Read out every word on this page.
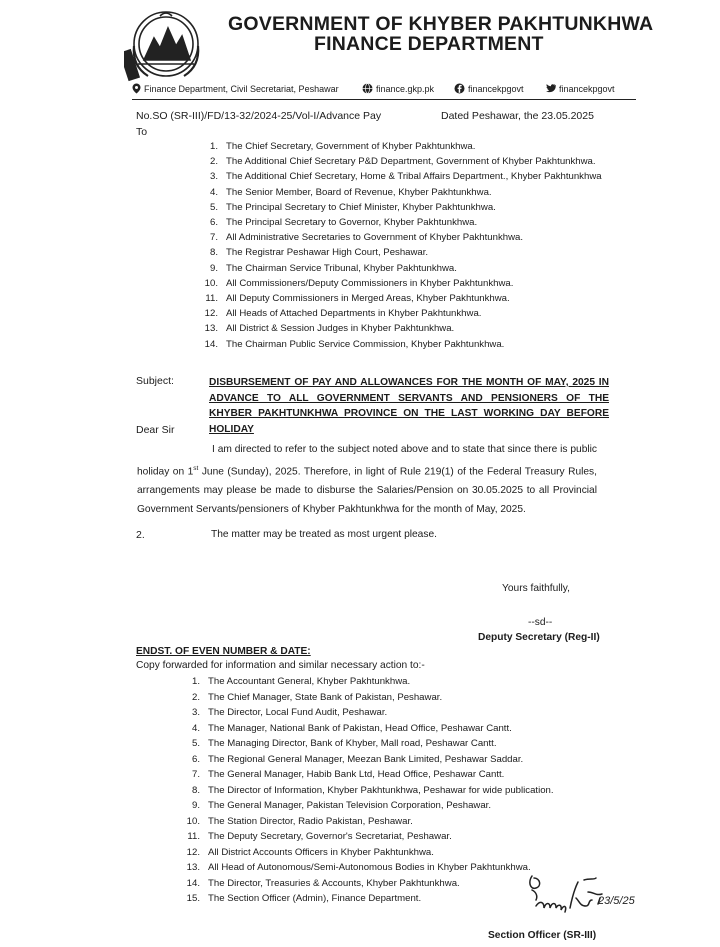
GOVERNMENT OF KHYBER PAKHTUNKHWA
FINANCE DEPARTMENT
Finance Department, Civil Secretariat, Peshawar	finance.gkp.pk	financekpgovt	financekpgovt
No.SO (SR-III)/FD/13-32/2024-25/Vol-I/Advance Pay	Dated Peshawar, the 23.05.2025
To
1. The Chief Secretary, Government of Khyber Pakhtunkhwa.
2. The Additional Chief Secretary P&D Department, Government of Khyber Pakhtunkhwa.
3. The Additional Chief Secretary, Home & Tribal Affairs Department., Khyber Pakhtunkhwa
4. The Senior Member, Board of Revenue, Khyber Pakhtunkhwa.
5. The Principal Secretary to Chief Minister, Khyber Pakhtunkhwa.
6. The Principal Secretary to Governor, Khyber Pakhtunkhwa.
7. All Administrative Secretaries to Government of Khyber Pakhtunkhwa.
8. The Registrar Peshawar High Court, Peshawar.
9. The Chairman Service Tribunal, Khyber Pakhtunkhwa.
10. All Commissioners/Deputy Commissioners in Khyber Pakhtunkhwa.
11. All Deputy Commissioners in Merged Areas, Khyber Pakhtunkhwa.
12. All Heads of Attached Departments in Khyber Pakhtunkhwa.
13. All District & Session Judges in Khyber Pakhtunkhwa.
14. The Chairman Public Service Commission, Khyber Pakhtunkhwa.
Subject:	DISBURSEMENT OF PAY AND ALLOWANCES FOR THE MONTH OF MAY, 2025 IN ADVANCE TO ALL GOVERNMENT SERVANTS AND PENSIONERS OF THE KHYBER PAKHTUNKHWA PROVINCE ON THE LAST WORKING DAY BEFORE HOLIDAY
Dear Sir
I am directed to refer to the subject noted above and to state that since there is public holiday on 1st June (Sunday), 2025. Therefore, in light of Rule 219(1) of the Federal Treasury Rules, arrangements may please be made to disburse the Salaries/Pension on 30.05.2025 to all Provincial Government Servants/pensioners of Khyber Pakhtunkhwa for the month of May, 2025.
2.	The matter may be treated as most urgent please.
Yours faithfully,
--sd--
Deputy Secretary (Reg-II)
ENDST. OF EVEN NUMBER & DATE:
Copy forwarded for information and similar necessary action to:-
1. The Accountant General, Khyber Pakhtunkhwa.
2. The Chief Manager, State Bank of Pakistan, Peshawar.
3. The Director, Local Fund Audit, Peshawar.
4. The Manager, National Bank of Pakistan, Head Office, Peshawar Cantt.
5. The Managing Director, Bank of Khyber, Mall road, Peshawar Cantt.
6. The Regional General Manager, Meezan Bank Limited, Peshawar Saddar.
7. The General Manager, Habib Bank Ltd, Head Office, Peshawar Cantt.
8. The Director of Information, Khyber Pakhtunkhwa, Peshawar for wide publication.
9. The General Manager, Pakistan Television Corporation, Peshawar.
10. The Station Director, Radio Pakistan, Peshawar.
11. The Deputy Secretary, Governor's Secretariat, Peshawar.
12. All District Accounts Officers in Khyber Pakhtunkhwa.
13. All Head of Autonomous/Semi-Autonomous Bodies in Khyber Pakhtunkhwa.
14. The Director, Treasuries & Accounts, Khyber Pakhtunkhwa.
15. The Section Officer (Admin), Finance Department.	23/5/25
Section Officer (SR-III)
